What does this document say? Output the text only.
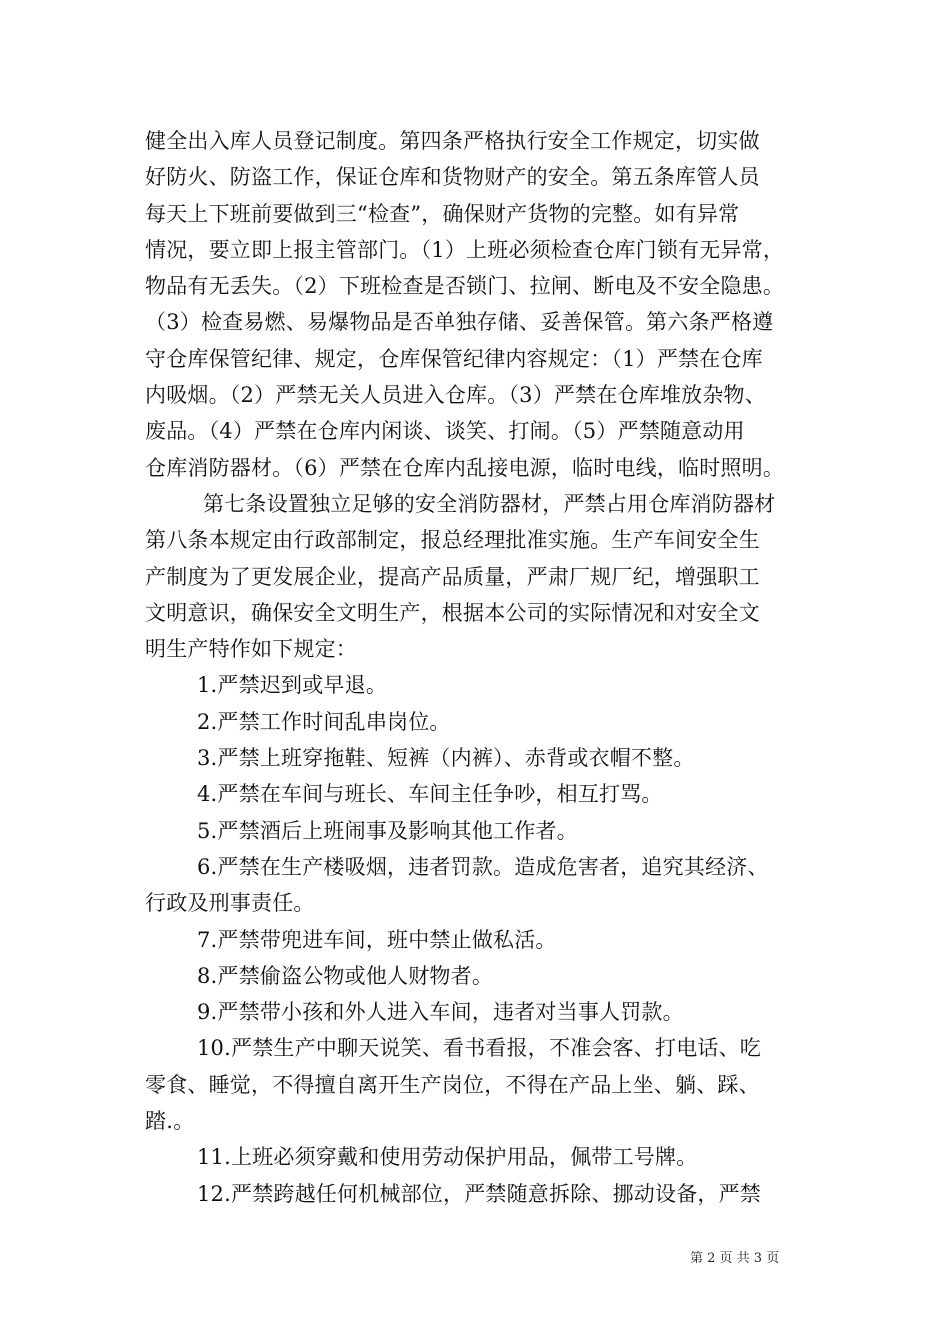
健全出入库人员登记制度。第四条严格执行安全工作规定，切实做
好防火、防盗工作，保证仓库和货物财产的安全。第五条库管人员
每天上下班前要做到三“检查”，确保财产货物的完整。如有异常
情况，要立即上报主管部门。（1）上班必须检查仓库门锁有无异常，
物品有无丢失。（2）下班检查是否锁门、拉闸、断电及不安全隐患。
（3）检查易燃、易爆物品是否单独存储、妥善保管。第六条严格遵
守仓库保管纪律、规定，仓库保管纪律内容规定：（1）严禁在仓库
内吸烟。（2）严禁无关人员进入仓库。（3）严禁在仓库堆放杂物、
废品。（4）严禁在仓库内闲谈、谈笑、打闹。（5）严禁随意动用
仓库消防器材。（6）严禁在仓库内乱接电源，临时电线，临时照明。
第七条设置独立足够的安全消防器材，严禁占用仓库消防器材
第八条本规定由行政部制定，报总经理批准实施。生产车间安全生
产制度为了更发展企业，提高产品质量，严肃厂规厂纪，增强职工
文明意识，确保安全文明生产，根据本公司的实际情况和对安全文
明生产特作如下规定：
1.严禁迟到或早退。
2.严禁工作时间乱串岗位。
3.严禁上班穿拖鞋、短裤（内裤）、赤背或衣帽不整。
4.严禁在车间与班长、车间主任争吵，相互打骂。
5.严禁酒后上班闹事及影响其他工作者。
6.严禁在生产楼吸烟，违者罚款。造成危害者，追究其经济、
行政及刑事责任。
7.严禁带兜进车间，班中禁止做私活。
8.严禁偷盗公物或他人财物者。
9.严禁带小孩和外人进入车间，违者对当事人罚款。
10.严禁生产中聊天说笑、看书看报，不准会客、打电话、吃
零食、睡觉，不得擅自离开生产岗位，不得在产品上坐、躺、踩、
踏.。
11.上班必须穿戴和使用劳动保护用品，佩带工号牌。
12.严禁跨越任何机械部位，严禁随意拆除、挪动设备，严禁
第 2 页 共 3 页
